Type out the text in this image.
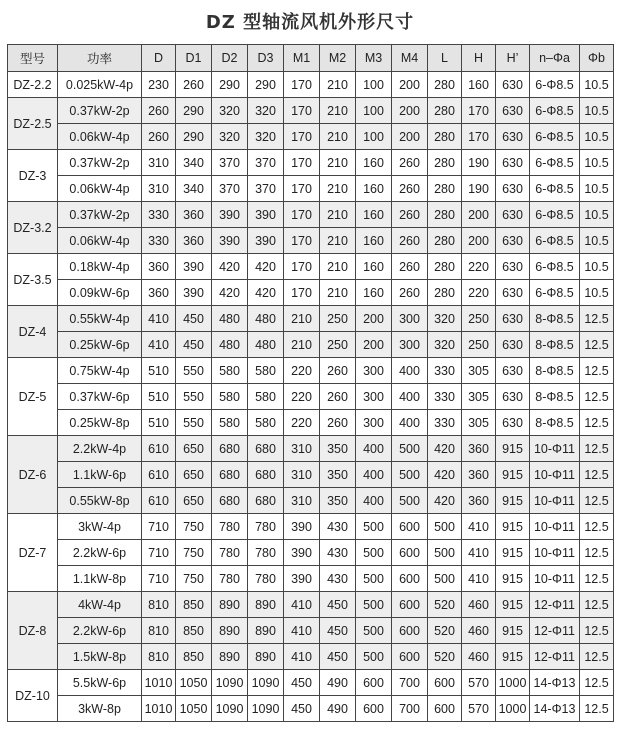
DZ 型轴流风机外形尺寸
型号	功率	D	D1	D2	D3	M1	M2	M3	M4	L	H	H’	n–Φa	Φb
DZ-2.2	0.025kW-4p	230	260	290	290	170	210	100	200	280	160	630	6-Φ8.5	10.5
DZ-2.5	0.37kW-2p	260	290	320	320	170	210	100	200	280	170	630	6-Φ8.5	10.5
	0.06kW-4p	260	290	320	320	170	210	100	200	280	170	630	6-Φ8.5	10.5
DZ-3	0.37kW-2p	310	340	370	370	170	210	160	260	280	190	630	6-Φ8.5	10.5
	0.06kW-4p	310	340	370	370	170	210	160	260	280	190	630	6-Φ8.5	10.5
DZ-3.2	0.37kW-2p	330	360	390	390	170	210	160	260	280	200	630	6-Φ8.5	10.5
	0.06kW-4p	330	360	390	390	170	210	160	260	280	200	630	6-Φ8.5	10.5
DZ-3.5	0.18kW-4p	360	390	420	420	170	210	160	260	280	220	630	6-Φ8.5	10.5
	0.09kW-6p	360	390	420	420	170	210	160	260	280	220	630	6-Φ8.5	10.5
DZ-4	0.55kW-4p	410	450	480	480	210	250	200	300	320	250	630	8-Φ8.5	12.5
	0.25kW-6p	410	450	480	480	210	250	200	300	320	250	630	8-Φ8.5	12.5
DZ-5	0.75kW-4p	510	550	580	580	220	260	300	400	330	305	630	8-Φ8.5	12.5
	0.37kW-6p	510	550	580	580	220	260	300	400	330	305	630	8-Φ8.5	12.5
	0.25kW-8p	510	550	580	580	220	260	300	400	330	305	630	8-Φ8.5	12.5
DZ-6	2.2kW-4p	610	650	680	680	310	350	400	500	420	360	915	10-Φ11	12.5
	1.1kW-6p	610	650	680	680	310	350	400	500	420	360	915	10-Φ11	12.5
	0.55kW-8p	610	650	680	680	310	350	400	500	420	360	915	10-Φ11	12.5
DZ-7	3kW-4p	710	750	780	780	390	430	500	600	500	410	915	10-Φ11	12.5
	2.2kW-6p	710	750	780	780	390	430	500	600	500	410	915	10-Φ11	12.5
	1.1kW-8p	710	750	780	780	390	430	500	600	500	410	915	10-Φ11	12.5
DZ-8	4kW-4p	810	850	890	890	410	450	500	600	520	460	915	12-Φ11	12.5
	2.2kW-6p	810	850	890	890	410	450	500	600	520	460	915	12-Φ11	12.5
	1.5kW-8p	810	850	890	890	410	450	500	600	520	460	915	12-Φ11	12.5
DZ-10	5.5kW-6p	1010	1050	1090	1090	450	490	600	700	600	570	1000	14-Φ13	12.5
	3kW-8p	1010	1050	1090	1090	450	490	600	700	600	570	1000	14-Φ13	12.5
